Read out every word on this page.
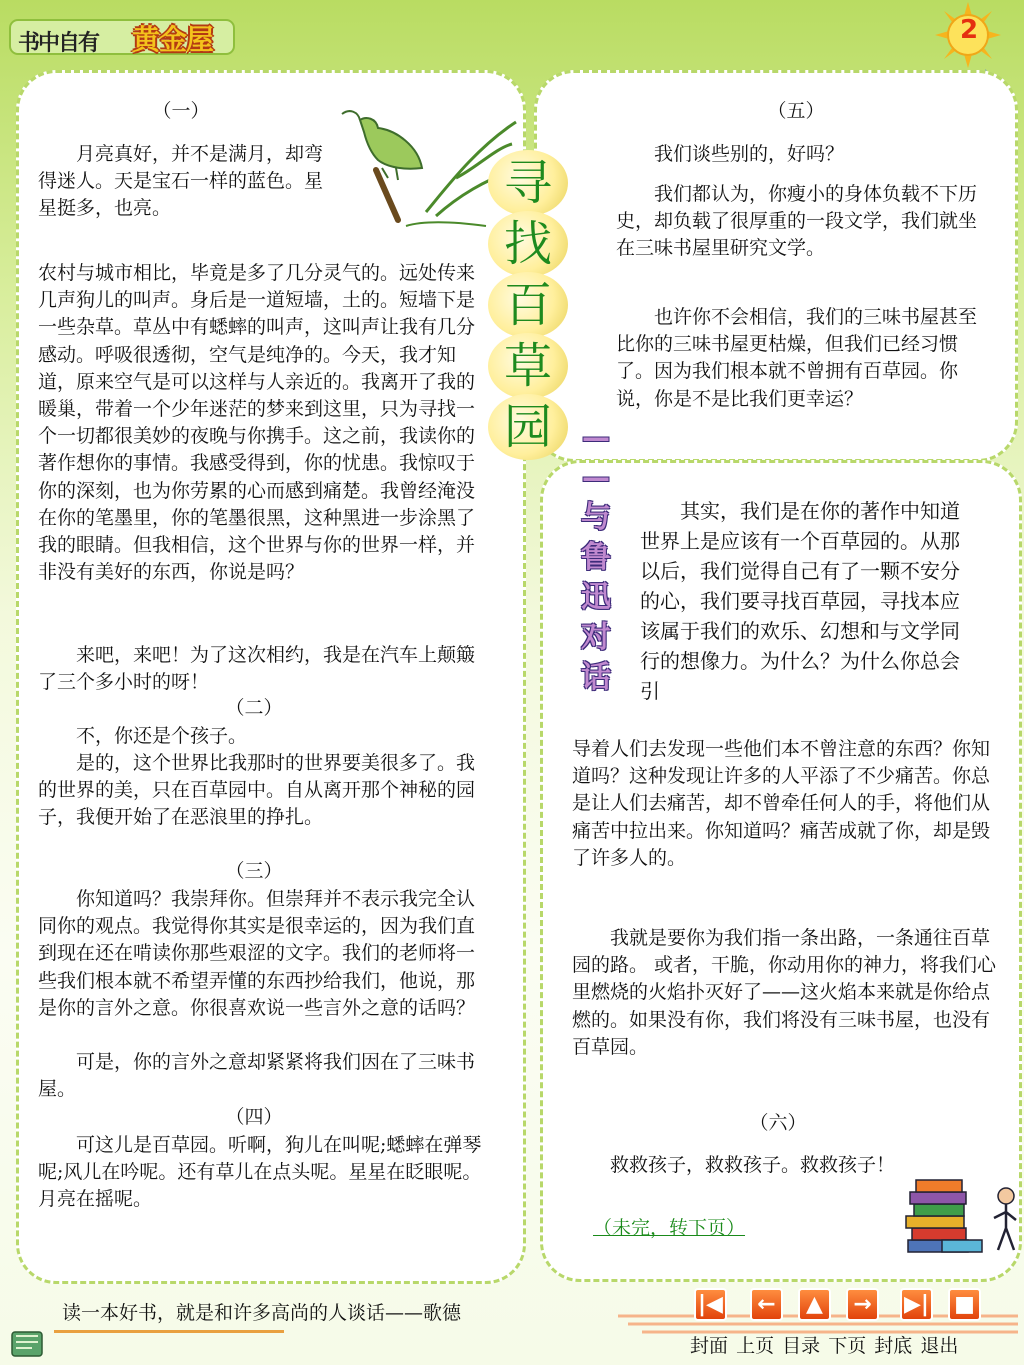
书中自有 黄金屋	2

（一）

月亮真好，并不是满月，却弯得迷人。天是宝石一样的蓝色。星星挺多，也亮。

农村与城市相比，毕竟是多了几分灵气的。远处传来几声狗儿的叫声。身后是一道短墙，土的。短墙下是一些杂草。草丛中有蟋蟀的叫声，这叫声让我有几分感动。呼吸很透彻，空气是纯净的。今天，我才知道，原来空气是可以这样与人亲近的。我离开了我的暖巢，带着一个少年迷茫的梦来到这里，只为寻找一个一切都很美妙的夜晚与你携手。这之前，我读你的著作想你的事情。我感受得到，你的忧患。我惊叹于你的深刻，也为你劳累的心而感到痛楚。我曾经淹没在你的笔墨里，你的笔墨很黑，这种黑进一步涂黑了我的眼睛。但我相信，这个世界与你的世界一样，并非没有美好的东西，你说是吗？

来吧，来吧！为了这次相约，我是在汽车上颠簸了三个多小时的呀！

（二）

不，你还是个孩子。

是的，这个世界比我那时的世界要美很多了。我的世界的美，只在百草园中。自从离开那个神秘的园子，我便开始了在恶浪里的挣扎。

（三）

你知道吗？我崇拜你。但崇拜并不表示我完全认同你的观点。我觉得你其实是很幸运的，因为我们直到现在还在啃读你那些艰涩的文字。我们的老师将一些我们根本就不希望弄懂的东西抄给我们，他说，那是你的言外之意。你很喜欢说一些言外之意的话吗？

可是，你的言外之意却紧紧将我们因在了三味书屋。

（四）

可这儿是百草园。听啊，狗儿在叫呢;蟋蟀在弹琴呢;风儿在吟呢。还有草儿在点头呢。星星在眨眼呢。月亮在摇呢。

寻
找
百
草
园	—
—
与
鲁
迅
对
话

（五）

我们谈些别的，好吗？

我们都认为，你瘦小的身体负载不下历史，却负载了很厚重的一段文学，我们就坐在三味书屋里研究文学。

也许你不会相信，我们的三味书屋甚至比你的三味书屋更枯燥，但我们已经习惯了。因为我们根本就不曾拥有百草园。你说，你是不是比我们更幸运？

其实，我们是在你的著作中知道世界上是应该有一个百草园的。从那以后，我们觉得自己有了一颗不安分的心，我们要寻找百草园，寻找本应该属于我们的欢乐、幻想和与文学同行的想像力。为什么？为什么你总会引

导着人们去发现一些他们本不曾注意的东西？你知道吗？这种发现让许多的人平添了不少痛苦。你总是让人们去痛苦，却不曾牵任何人的手，将他们从痛苦中拉出来。你知道吗？痛苦成就了你，却是毁了许多人的。

我就是要你为我们指一条出路，一条通往百草园的路。 或者，干脆，你动用你的神力，将我们心里燃烧的火焰扑灭好了——这火焰本来就是你给点燃的。如果没有你，我们将没有三味书屋，也没有百草园。

（六）

救救孩子，救救孩子。救救孩子！

（未完，转下页）
读一本好书，就是和许多高尚的人谈话——歌德	|◀	←	▲	→	▶| ■
封面 上页 目录 下页 封底 退出
